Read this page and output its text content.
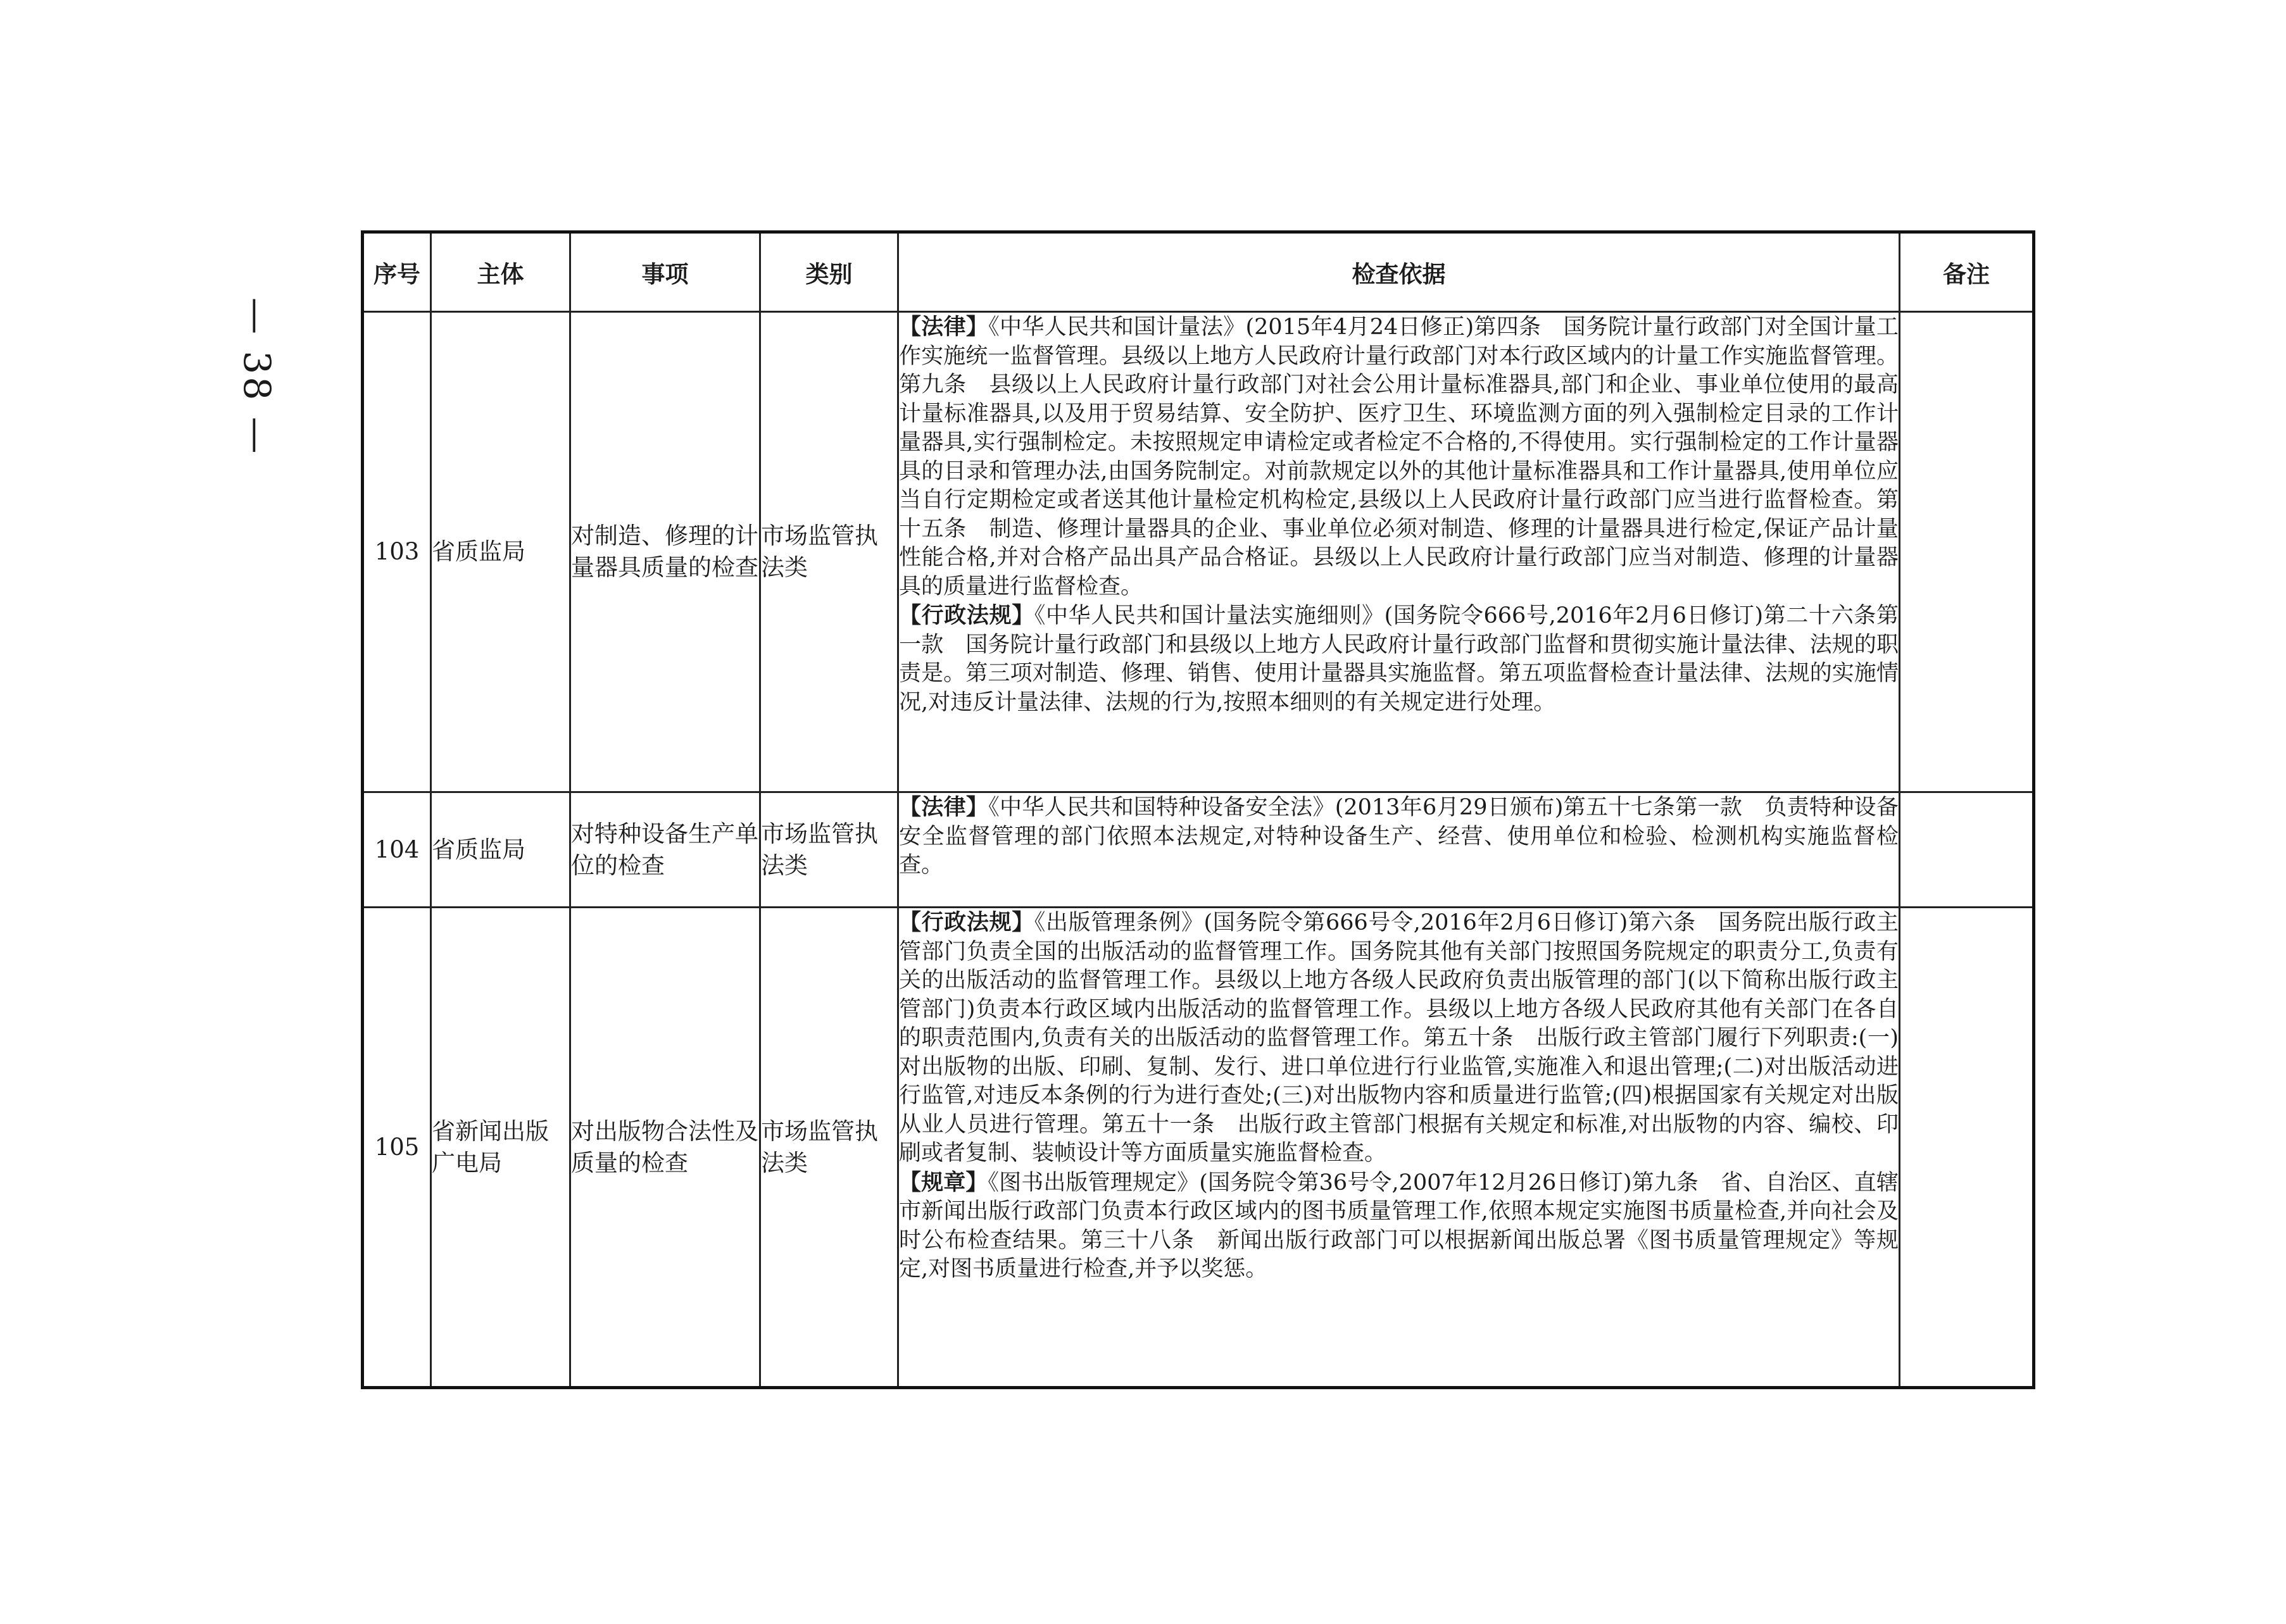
— 38 —
序号	主体	事项	类别	检查依据	备注
103	省质监局	对制造、修理的计量器具质量的检查	市场监管执法类	【法律】《中华人民共和国计量法》(2015年4月24日修正)第四条　国务院计量行政部门对全国计量工作实施统一监督管理。县级以上地方人民政府计量行政部门对本行政区域内的计量工作实施监督管理。第九条　县级以上人民政府计量行政部门对社会公用计量标准器具,部门和企业、事业单位使用的最高计量标准器具,以及用于贸易结算、安全防护、医疗卫生、环境监测方面的列入强制检定目录的工作计量器具,实行强制检定。未按照规定申请检定或者检定不合格的,不得使用。实行强制检定的工作计量器具的目录和管理办法,由国务院制定。对前款规定以外的其他计量标准器具和工作计量器具,使用单位应当自行定期检定或者送其他计量检定机构检定,县级以上人民政府计量行政部门应当进行监督检查。第十五条　制造、修理计量器具的企业、事业单位必须对制造、修理的计量器具进行检定,保证产品计量性能合格,并对合格产品出具产品合格证。县级以上人民政府计量行政部门应当对制造、修理的计量器具的质量进行监督检查。

【行政法规】《中华人民共和国计量法实施细则》(国务院令666号,2016年2月6日修订)第二十六条第一款　国务院计量行政部门和县级以上地方人民政府计量行政部门监督和贯彻实施计量法律、法规的职责是。第三项对制造、修理、销售、使用计量器具实施监督。第五项监督检查计量法律、法规的实施情况,对违反计量法律、法规的行为,按照本细则的有关规定进行处理。	

104	省质监局	对特种设备生产单位的检查	市场监管执法类	【法律】《中华人民共和国特种设备安全法》(2013年6月29日颁布)第五十七条第一款　负责特种设备安全监督管理的部门依照本法规定,对特种设备生产、经营、使用单位和检验、检测机构实施监督检查。	

105	省新闻出版广电局	对出版物合法性及质量的检查	市场监管执法类	【行政法规】《出版管理条例》(国务院令第666号令,2016年2月6日修订)第六条　国务院出版行政主管部门负责全国的出版活动的监督管理工作。国务院其他有关部门按照国务院规定的职责分工,负责有关的出版活动的监督管理工作。县级以上地方各级人民政府负责出版管理的部门(以下简称出版行政主管部门)负责本行政区域内出版活动的监督管理工作。县级以上地方各级人民政府其他有关部门在各自的职责范围内,负责有关的出版活动的监督管理工作。第五十条　出版行政主管部门履行下列职责:(一)对出版物的出版、印刷、复制、发行、进口单位进行行业监管,实施准入和退出管理;(二)对出版活动进行监管,对违反本条例的行为进行查处;(三)对出版物内容和质量进行监管;(四)根据国家有关规定对出版从业人员进行管理。第五十一条　出版行政主管部门根据有关规定和标准,对出版物的内容、编校、印刷或者复制、装帧设计等方面质量实施监督检查。

【规章】《图书出版管理规定》(国务院令第36号令,2007年12月26日修订)第九条　省、自治区、直辖市新闻出版行政部门负责本行政区域内的图书质量管理工作,依照本规定实施图书质量检查,并向社会及时公布检查结果。第三十八条　新闻出版行政部门可以根据新闻出版总署《图书质量管理规定》等规定,对图书质量进行检查,并予以奖惩。	
